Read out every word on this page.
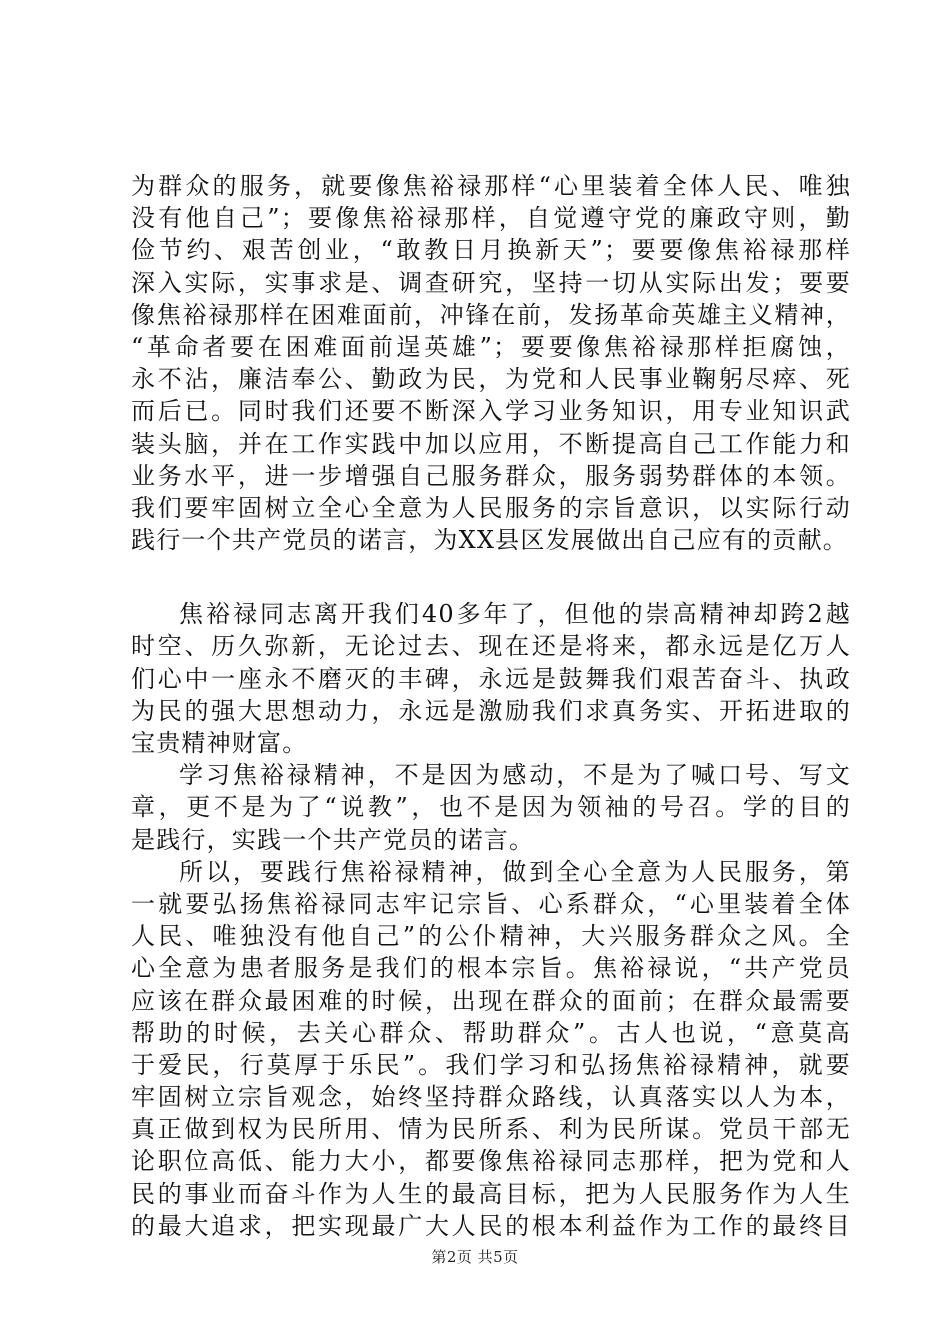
为群众的服务，就要像焦裕禄那样“心里装着全体人民、唯独
没有他自己”；要像焦裕禄那样，自觉遵守党的廉政守则，勤
俭节约、艰苦创业，“敢教日月换新天”；要要像焦裕禄那样
深入实际，实事求是、调查研究，坚持一切从实际出发；要要
像焦裕禄那样在困难面前，冲锋在前，发扬革命英雄主义精神，
“革命者要在困难面前逞英雄”；要要像焦裕禄那样拒腐蚀，
永不沾，廉洁奉公、勤政为民，为党和人民事业鞠躬尽瘁、死
而后已。同时我们还要不断深入学习业务知识，用专业知识武
装头脑，并在工作实践中加以应用，不断提高自己工作能力和
业务水平，进一步增强自己服务群众，服务弱势群体的本领。
我们要牢固树立全心全意为人民服务的宗旨意识，以实际行动
践行一个共产党员的诺言，为XX县区发展做出自己应有的贡献。
焦裕禄同志离开我们40多年了，但他的崇高精神却跨2越
时空、历久弥新，无论过去、现在还是将来，都永远是亿万人
们心中一座永不磨灭的丰碑，永远是鼓舞我们艰苦奋斗、执政
为民的强大思想动力，永远是激励我们求真务实、开拓进取的
宝贵精神财富。
学习焦裕禄精神，不是因为感动，不是为了喊口号、写文
章，更不是为了“说教”，也不是因为领袖的号召。学的目的
是践行，实践一个共产党员的诺言。
所以，要践行焦裕禄精神，做到全心全意为人民服务，第
一就要弘扬焦裕禄同志牢记宗旨、心系群众，“心里装着全体
人民、唯独没有他自己”的公仆精神，大兴服务群众之风。全
心全意为患者服务是我们的根本宗旨。焦裕禄说，“共产党员
应该在群众最困难的时候，出现在群众的面前；在群众最需要
帮助的时候，去关心群众、帮助群众”。古人也说，“意莫高
于爱民，行莫厚于乐民”。我们学习和弘扬焦裕禄精神，就要
牢固树立宗旨观念，始终坚持群众路线，认真落实以人为本，
真正做到权为民所用、情为民所系、利为民所谋。党员干部无
论职位高低、能力大小，都要像焦裕禄同志那样，把为党和人
民的事业而奋斗作为人生的最高目标，把为人民服务作为人生
的最大追求，把实现最广大人民的根本利益作为工作的最终目
第2页 共5页
